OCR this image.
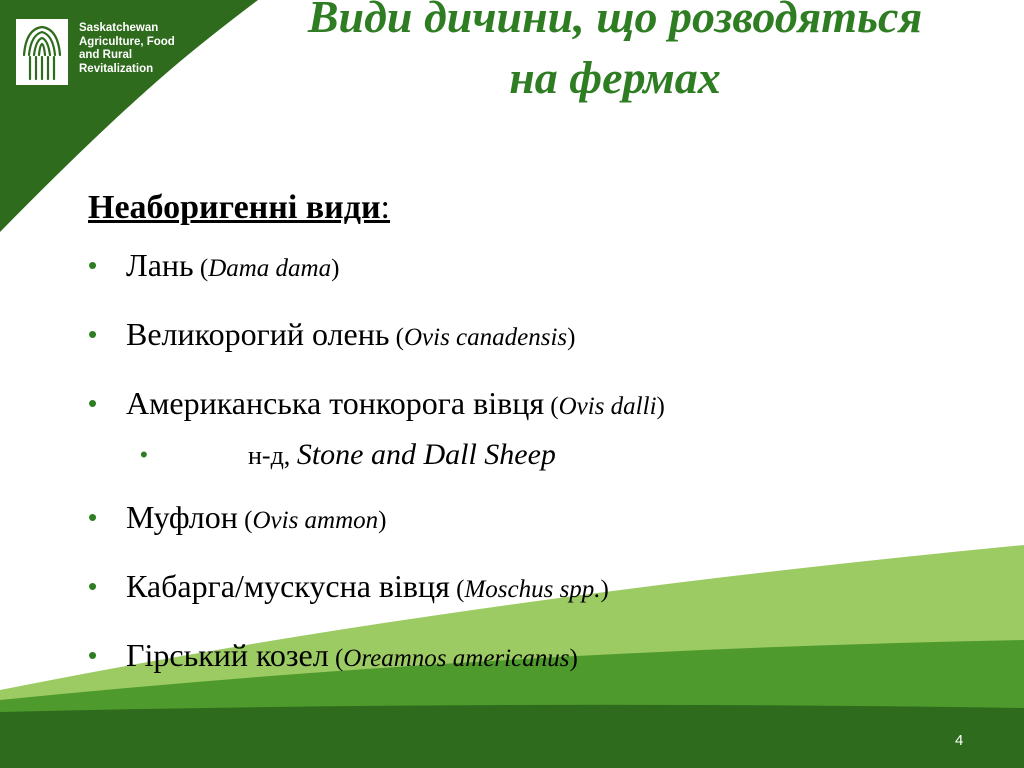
Saskatchewan
Agriculture, Food
and Rural
Revitalization
Види дичини, що розводяться
на фермах
Неаборигенні види:
• Лань (Dama dama)
• Великорогий олень (Ovis canadensis)
• Американська тонкорога вівця (Ovis dalli)
•	н-д, Stone and Dall Sheep
• Муфлон (Ovis ammon)
• Кабарга/мускусна вівця (Moschus spp.)
• Гірський козел (Oreamnos americanus)
4
